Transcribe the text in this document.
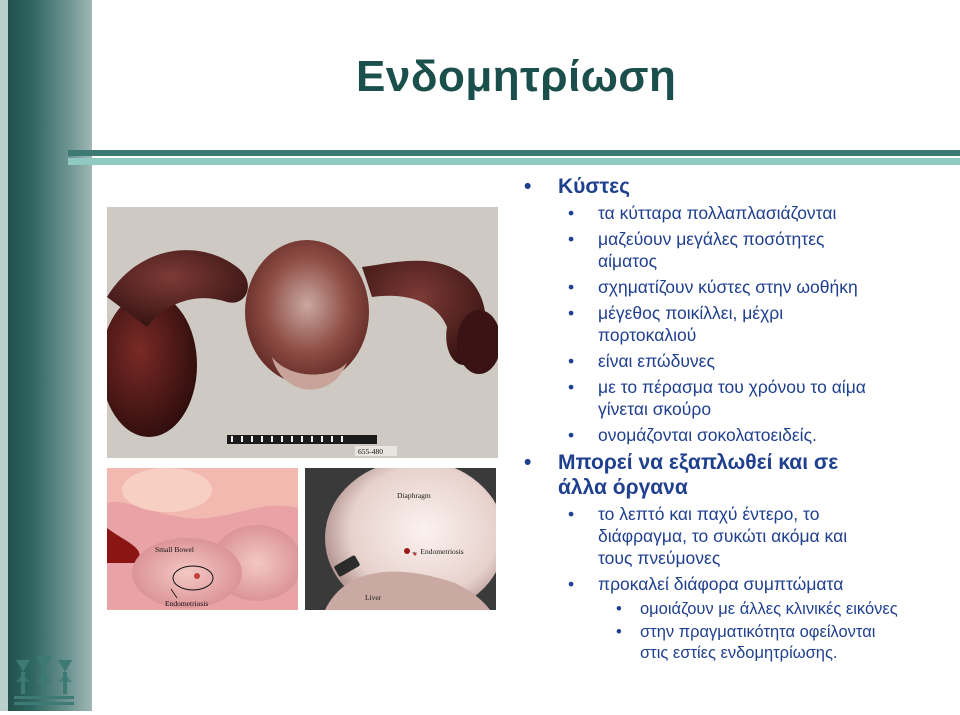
Ενδομητρίωση
655-480
Small Bowel
Endometriosis
Diaphragm
← Endometriosis
Liver
• Κύστες
• τα κύτταρα πολλαπλασιάζονται
• μαζεύουν μεγάλες ποσότητες
αίματος
• σχηματίζουν κύστες στην ωοθήκη
• μέγεθος ποικίλλει, μέχρι
πορτοκαλιού
• είναι επώδυνες
• με το πέρασμα του χρόνου το αίμα
γίνεται σκούρο
• ονομάζονται σοκολατοειδείς.
• Μπορεί να εξαπλωθεί και σε
άλλα όργανα
• το λεπτό και παχύ έντερο, το
διάφραγμα, το συκώτι ακόμα και
τους πνεύμονες
• προκαλεί διάφορα συμπτώματα
• ομοιάζουν με άλλες κλινικές εικόνες
• στην πραγματικότητα οφείλονται
στις εστίες ενδομητρίωσης.
